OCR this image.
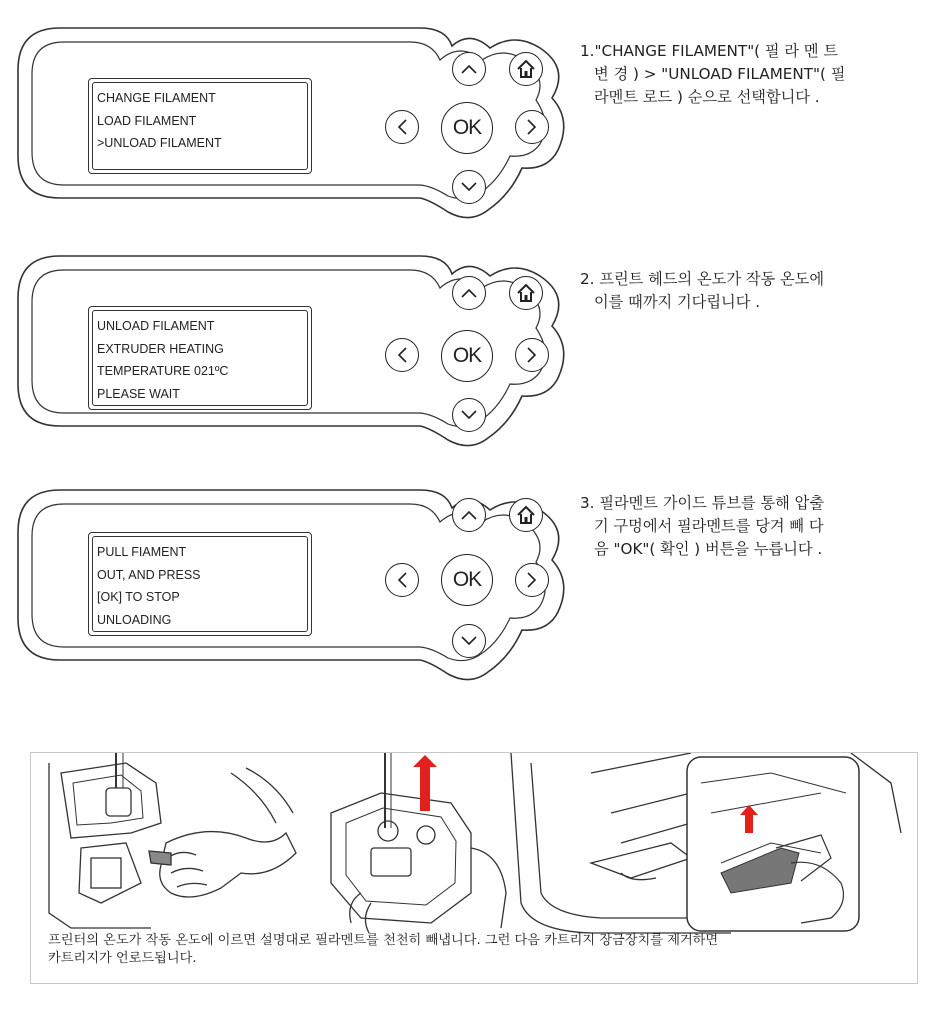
CHANGE FILAMENT
LOAD FILAMENT
>UNLOAD FILAMENT
OK
1."CHANGE FILAMENT"( 필 라 멘 트

변 경 ) > "UNLOAD FILAMENT"( 필
라멘트 로드 ) 순으로 선택합니다 .
UNLOAD FILAMENT
EXTRUDER HEATING
TEMPERATURE 021ºC
PLEASE WAIT
OK
2. 프린트 헤드의 온도가 작동 온도에

이를 때까지 기다립니다 .
PULL FIAMENT
OUT, AND PRESS
[OK] TO STOP
UNLOADING
OK
3. 필라멘트 가이드 튜브를 통해 압출

기 구멍에서 필라멘트를 당겨 빼 다
음 "OK"( 확인 ) 버튼을 누릅니다 .
프린터의 온도가 작동 온도에 이르면 설명대로 필라멘트를 천천히 빼냅니다. 그런 다음 카트리지 장금장치를 제거하면
카트리지가 언로드됩니다.
